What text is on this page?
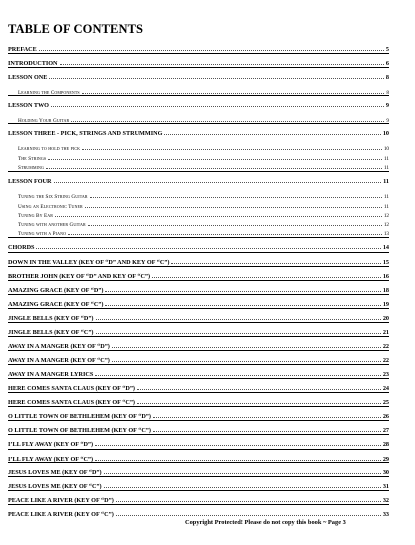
TABLE OF CONTENTS
PREFACE	5
INTRODUCTION	6
LESSON ONE	8
Learning the Components	8
LESSON TWO	9
Holding Your Guitar	9
LESSON THREE - PICK, STRINGS AND STRUMMING	10
Learning to hold the pick	10
The Strings	11
Strumming	11
LESSON FOUR	11
Tuning the Six String Guitar	11
Using an Electronic Tuner	11
Tuning By Ear	12
Tuning with another Guitar	12
Tuning with a Piano	13
CHORDS	14
DOWN IN THE VALLEY (KEY OF “D” AND KEY OF “C”)	15
BROTHER JOHN (KEY OF “D” AND KEY OF “C”)	16
AMAZING GRACE (KEY OF “D”)	18
AMAZING GRACE (KEY OF “C”)	19
JINGLE BELLS (KEY OF “D”)	20
JINGLE BELLS (KEY OF “C”)	21
AWAY IN A MANGER (KEY OF “D”)	22
AWAY IN A MANGER (KEY OF “C”)	22
AWAY IN A MANGER LYRICS	23
HERE COMES SANTA CLAUS (KEY OF “D”)	24
HERE COMES SANTA CLAUS (KEY OF “C”)	25
O LITTLE TOWN OF BETHLEHEM (KEY OF “D”)	26
O LITTLE TOWN OF BETHLEHEM (KEY OF “C”)	27
I’LL FLY AWAY (KEY OF “D”)	28
I’LL FLY AWAY (KEY OF “C”)	29
JESUS LOVES ME (KEY OF “D”)	30
JESUS LOVES ME (KEY OF “C”)	31
PEACE LIKE A RIVER (KEY OF “D”)	32
PEACE LIKE A RIVER (KEY OF “C”)	33
Copyright Protected! Please do not copy this book ~ Page 3
